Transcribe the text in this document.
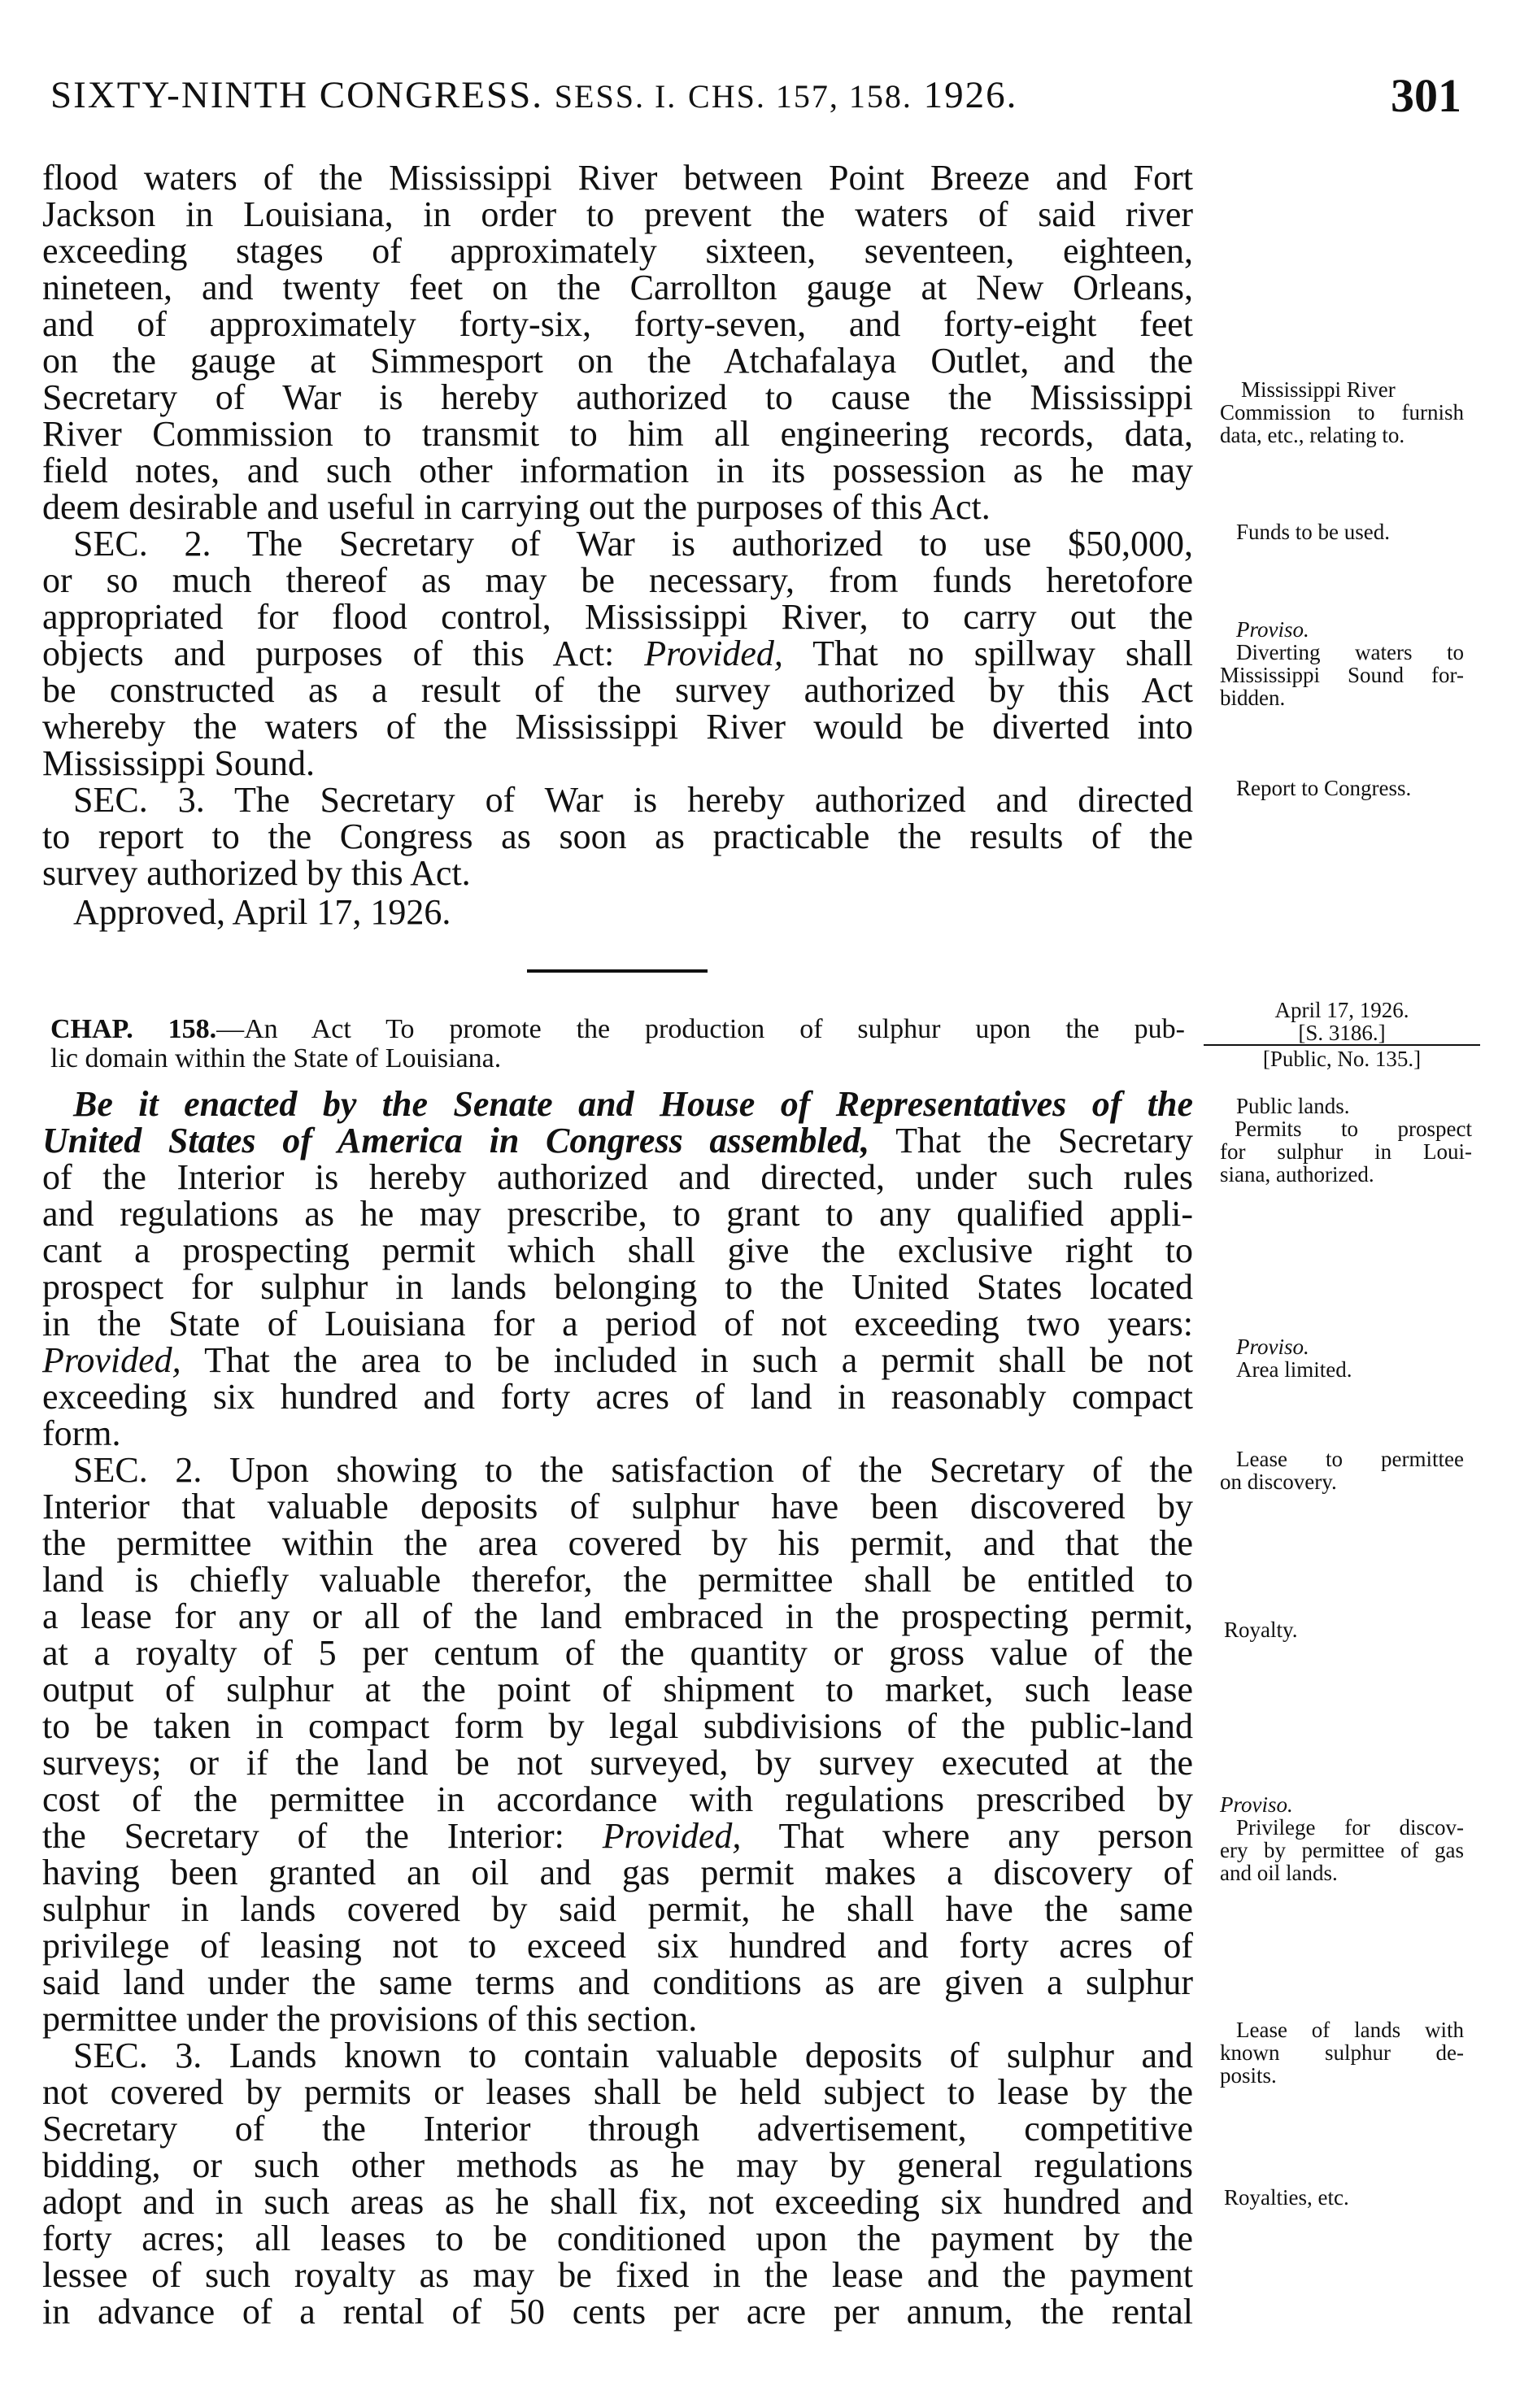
SIXTY-NINTH CONGRESS. SESS. I. CHS. 157, 158. 1926.	301
flood waters of the Mississippi River between Point Breeze and Fort
Jackson in Louisiana, in order to prevent the waters of said river
exceeding stages of approximately sixteen, seventeen, eighteen,
nineteen, and twenty feet on the Carrollton gauge at New Orleans,
and of approximately forty-six, forty-seven, and forty-eight feet
on the gauge at Simmesport on the Atchafalaya Outlet, and the
Secretary of War is hereby authorized to cause the Mississippi
River Commission to transmit to him all engineering records, data,
field notes, and such other information in its possession as he may
deem desirable and useful in carrying out the purposes of this Act.
SEC. 2. The Secretary of War is authorized to use $50,000,
or so much thereof as may be necessary, from funds heretofore
appropriated for flood control, Mississippi River, to carry out the
objects and purposes of this Act: Provided, That no spillway shall
be constructed as a result of the survey authorized by this Act
whereby the waters of the Mississippi River would be diverted into
Mississippi Sound.
SEC. 3. The Secretary of War is hereby authorized and directed
to report to the Congress as soon as practicable the results of the
survey authorized by this Act.
Approved, April 17, 1926.
CHAP. 158.—An Act To promote the production of sulphur upon the pub-
lic domain within the State of Louisiana.
Be it enacted by the Senate and House of Representatives of the
United States of America in Congress assembled, That the Secretary
of the Interior is hereby authorized and directed, under such rules
and regulations as he may prescribe, to grant to any qualified appli-
cant a prospecting permit which shall give the exclusive right to
prospect for sulphur in lands belonging to the United States located
in the State of Louisiana for a period of not exceeding two years:
Provided, That the area to be included in such a permit shall be not
exceeding six hundred and forty acres of land in reasonably compact
form.
SEC. 2. Upon showing to the satisfaction of the Secretary of the
Interior that valuable deposits of sulphur have been discovered by
the permittee within the area covered by his permit, and that the
land is chiefly valuable therefor, the permittee shall be entitled to
a lease for any or all of the land embraced in the prospecting permit,
at a royalty of 5 per centum of the quantity or gross value of the
output of sulphur at the point of shipment to market, such lease
to be taken in compact form by legal subdivisions of the public-land
surveys; or if the land be not surveyed, by survey executed at the
cost of the permittee in accordance with regulations prescribed by
the Secretary of the Interior: Provided, That where any person
having been granted an oil and gas permit makes a discovery of
sulphur in lands covered by said permit, he shall have the same
privilege of leasing not to exceed six hundred and forty acres of
said land under the same terms and conditions as are given a sulphur
permittee under the provisions of this section.
SEC. 3. Lands known to contain valuable deposits of sulphur and
not covered by permits or leases shall be held subject to lease by the
Secretary of the Interior through advertisement, competitive
bidding, or such other methods as he may by general regulations
adopt and in such areas as he shall fix, not exceeding six hundred and
forty acres; all leases to be conditioned upon the payment by the
lessee of such royalty as may be fixed in the lease and the payment
in advance of a rental of 50 cents per acre per annum, the rental
Mississippi River
Commission to furnish
data, etc., relating to.
Funds to be used.
Proviso.
Diverting waters to
Mississippi Sound for-
bidden.
Report to Congress.
April 17, 1926.
[S. 3186.]
[Public, No. 135.]
Public lands.
Permits to prospect
for sulphur in Loui-
siana, authorized.
Proviso.
Area limited.
Lease to permittee
on discovery.
Royalty.
Proviso.
Privilege for discov-
ery by permittee of gas
and oil lands.
Lease of lands with
known sulphur de-
posits.
Royalties, etc.
